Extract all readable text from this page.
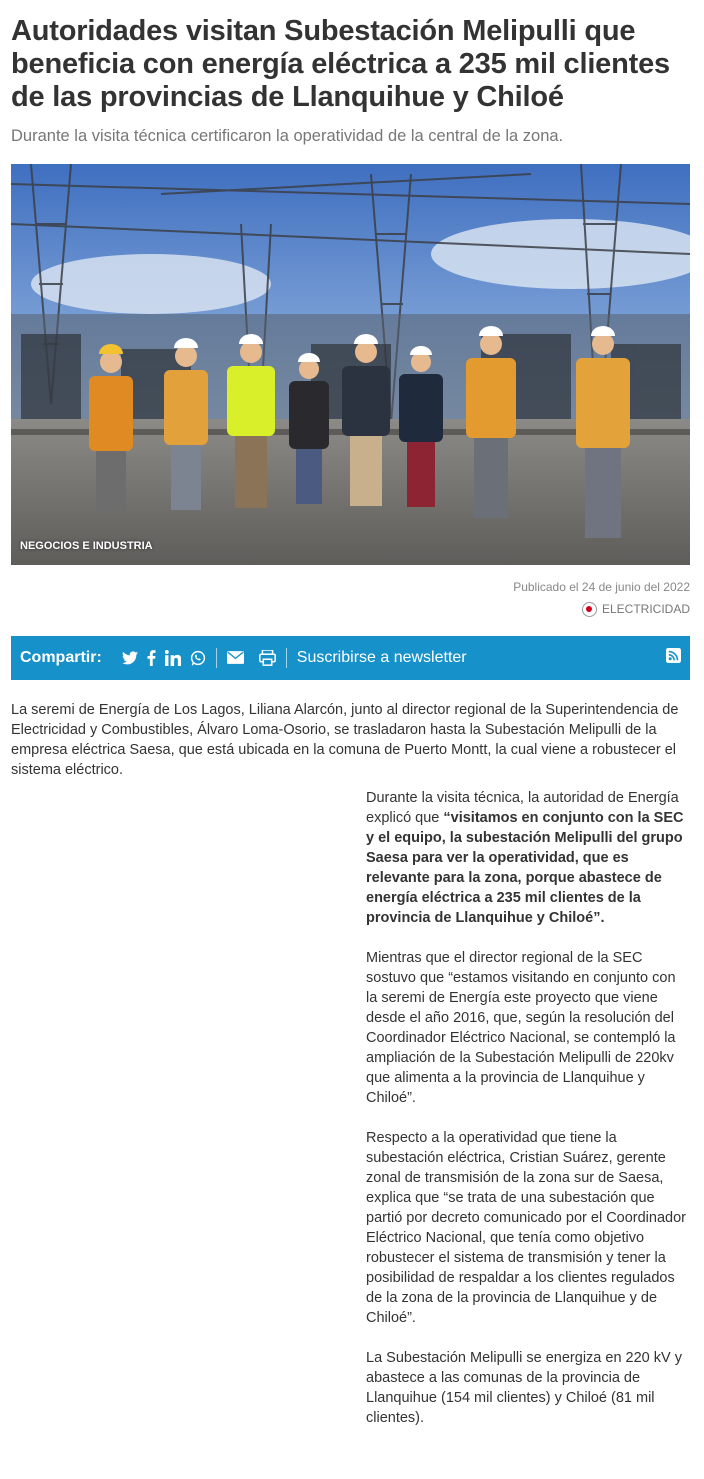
Autoridades visitan Subestación Melipulli que beneficia con energía eléctrica a 235 mil clientes de las provincias de Llanquihue y Chiloé

Durante la visita técnica certificaron la operatividad de la central de la zona.

NEGOCIOS E INDUSTRIA
Publicado el 24 de junio del 2022
ELECTRICIDAD
Compartir:	Suscribirse a newsletter

La seremi de Energía de Los Lagos, Liliana Alarcón, junto al director regional de la Superintendencia de Electricidad y Combustibles, Álvaro Loma-Osorio, se trasladaron hasta la Subestación Melipulli de la empresa eléctrica Saesa, que está ubicada en la comuna de Puerto Montt, la cual viene a robustecer el sistema eléctrico.

Durante la visita técnica, la autoridad de Energía explicó que “visitamos en conjunto con la SEC y el equipo, la subestación Melipulli del grupo Saesa para ver la operatividad, que es relevante para la zona, porque abastece de energía eléctrica a 235 mil clientes de la provincia de Llanquihue y Chiloé”.

Mientras que el director regional de la SEC sostuvo que “estamos visitando en conjunto con la seremi de Energía este proyecto que viene desde el año 2016, que, según la resolución del Coordinador Eléctrico Nacional, se contempló la ampliación de la Subestación Melipulli de 220kv que alimenta a la provincia de Llanquihue y Chiloé”.

Respecto a la operatividad que tiene la subestación eléctrica, Cristian Suárez, gerente zonal de transmisión de la zona sur de Saesa, explica que “se trata de una subestación que partió por decreto comunicado por el Coordinador Eléctrico Nacional, que tenía como objetivo robustecer el sistema de transmisión y tener la posibilidad de respaldar a los clientes regulados de la zona de la provincia de Llanquihue y de Chiloé”.

La Subestación Melipulli se energiza en 220 kV y abastece a las comunas de la provincia de Llanquihue (154 mil clientes) y Chiloé (81 mil clientes).
